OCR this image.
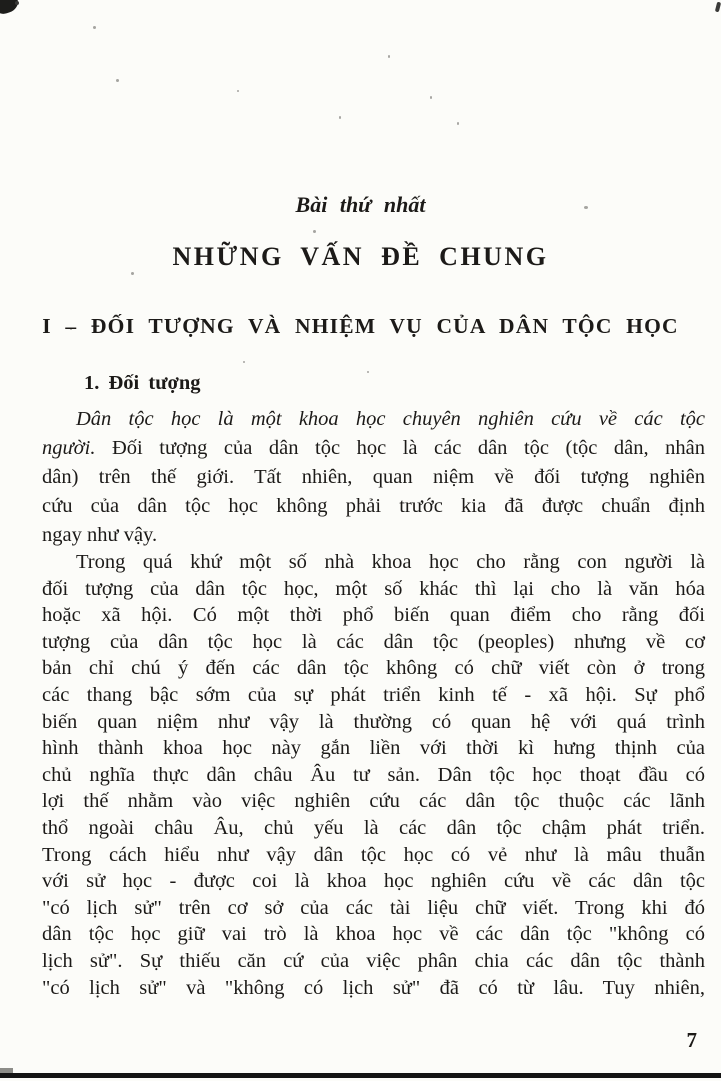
Bài thứ nhất
NHỮNG VẤN ĐỀ CHUNG
I – ĐỐI TƯỢNG VÀ NHIỆM VỤ CỦA DÂN TỘC HỌC
1. Đối tượng
Dân tộc học là một khoa học chuyên nghiên cứu về các tộc
người. Đối tượng của dân tộc học là các dân tộc (tộc dân, nhân
dân) trên thế giới. Tất nhiên, quan niệm về đối tượng nghiên
cứu của dân tộc học không phải trước kia đã được chuẩn định
ngay như vậy.
Trong quá khứ một số nhà khoa học cho rằng con người là
đối tượng của dân tộc học, một số khác thì lại cho là văn hóa
hoặc xã hội. Có một thời phổ biến quan điểm cho rằng đối
tượng của dân tộc học là các dân tộc (peoples) nhưng về cơ
bản chỉ chú ý đến các dân tộc không có chữ viết còn ở trong
các thang bậc sớm của sự phát triển kinh tế - xã hội. Sự phổ
biến quan niệm như vậy là thường có quan hệ với quá trình
hình thành khoa học này gắn liền với thời kì hưng thịnh của
chủ nghĩa thực dân châu Âu tư sản. Dân tộc học thoạt đầu có
lợi thế nhằm vào việc nghiên cứu các dân tộc thuộc các lãnh
thổ ngoài châu Âu, chủ yếu là các dân tộc chậm phát triển.
Trong cách hiểu như vậy dân tộc học có vẻ như là mâu thuẫn
với sử học - được coi là khoa học nghiên cứu về các dân tộc
"có lịch sử" trên cơ sở của các tài liệu chữ viết. Trong khi đó
dân tộc học giữ vai trò là khoa học về các dân tộc "không có
lịch sử". Sự thiếu căn cứ của việc phân chia các dân tộc thành
"có lịch sử" và "không có lịch sử" đã có từ lâu. Tuy nhiên,
7
